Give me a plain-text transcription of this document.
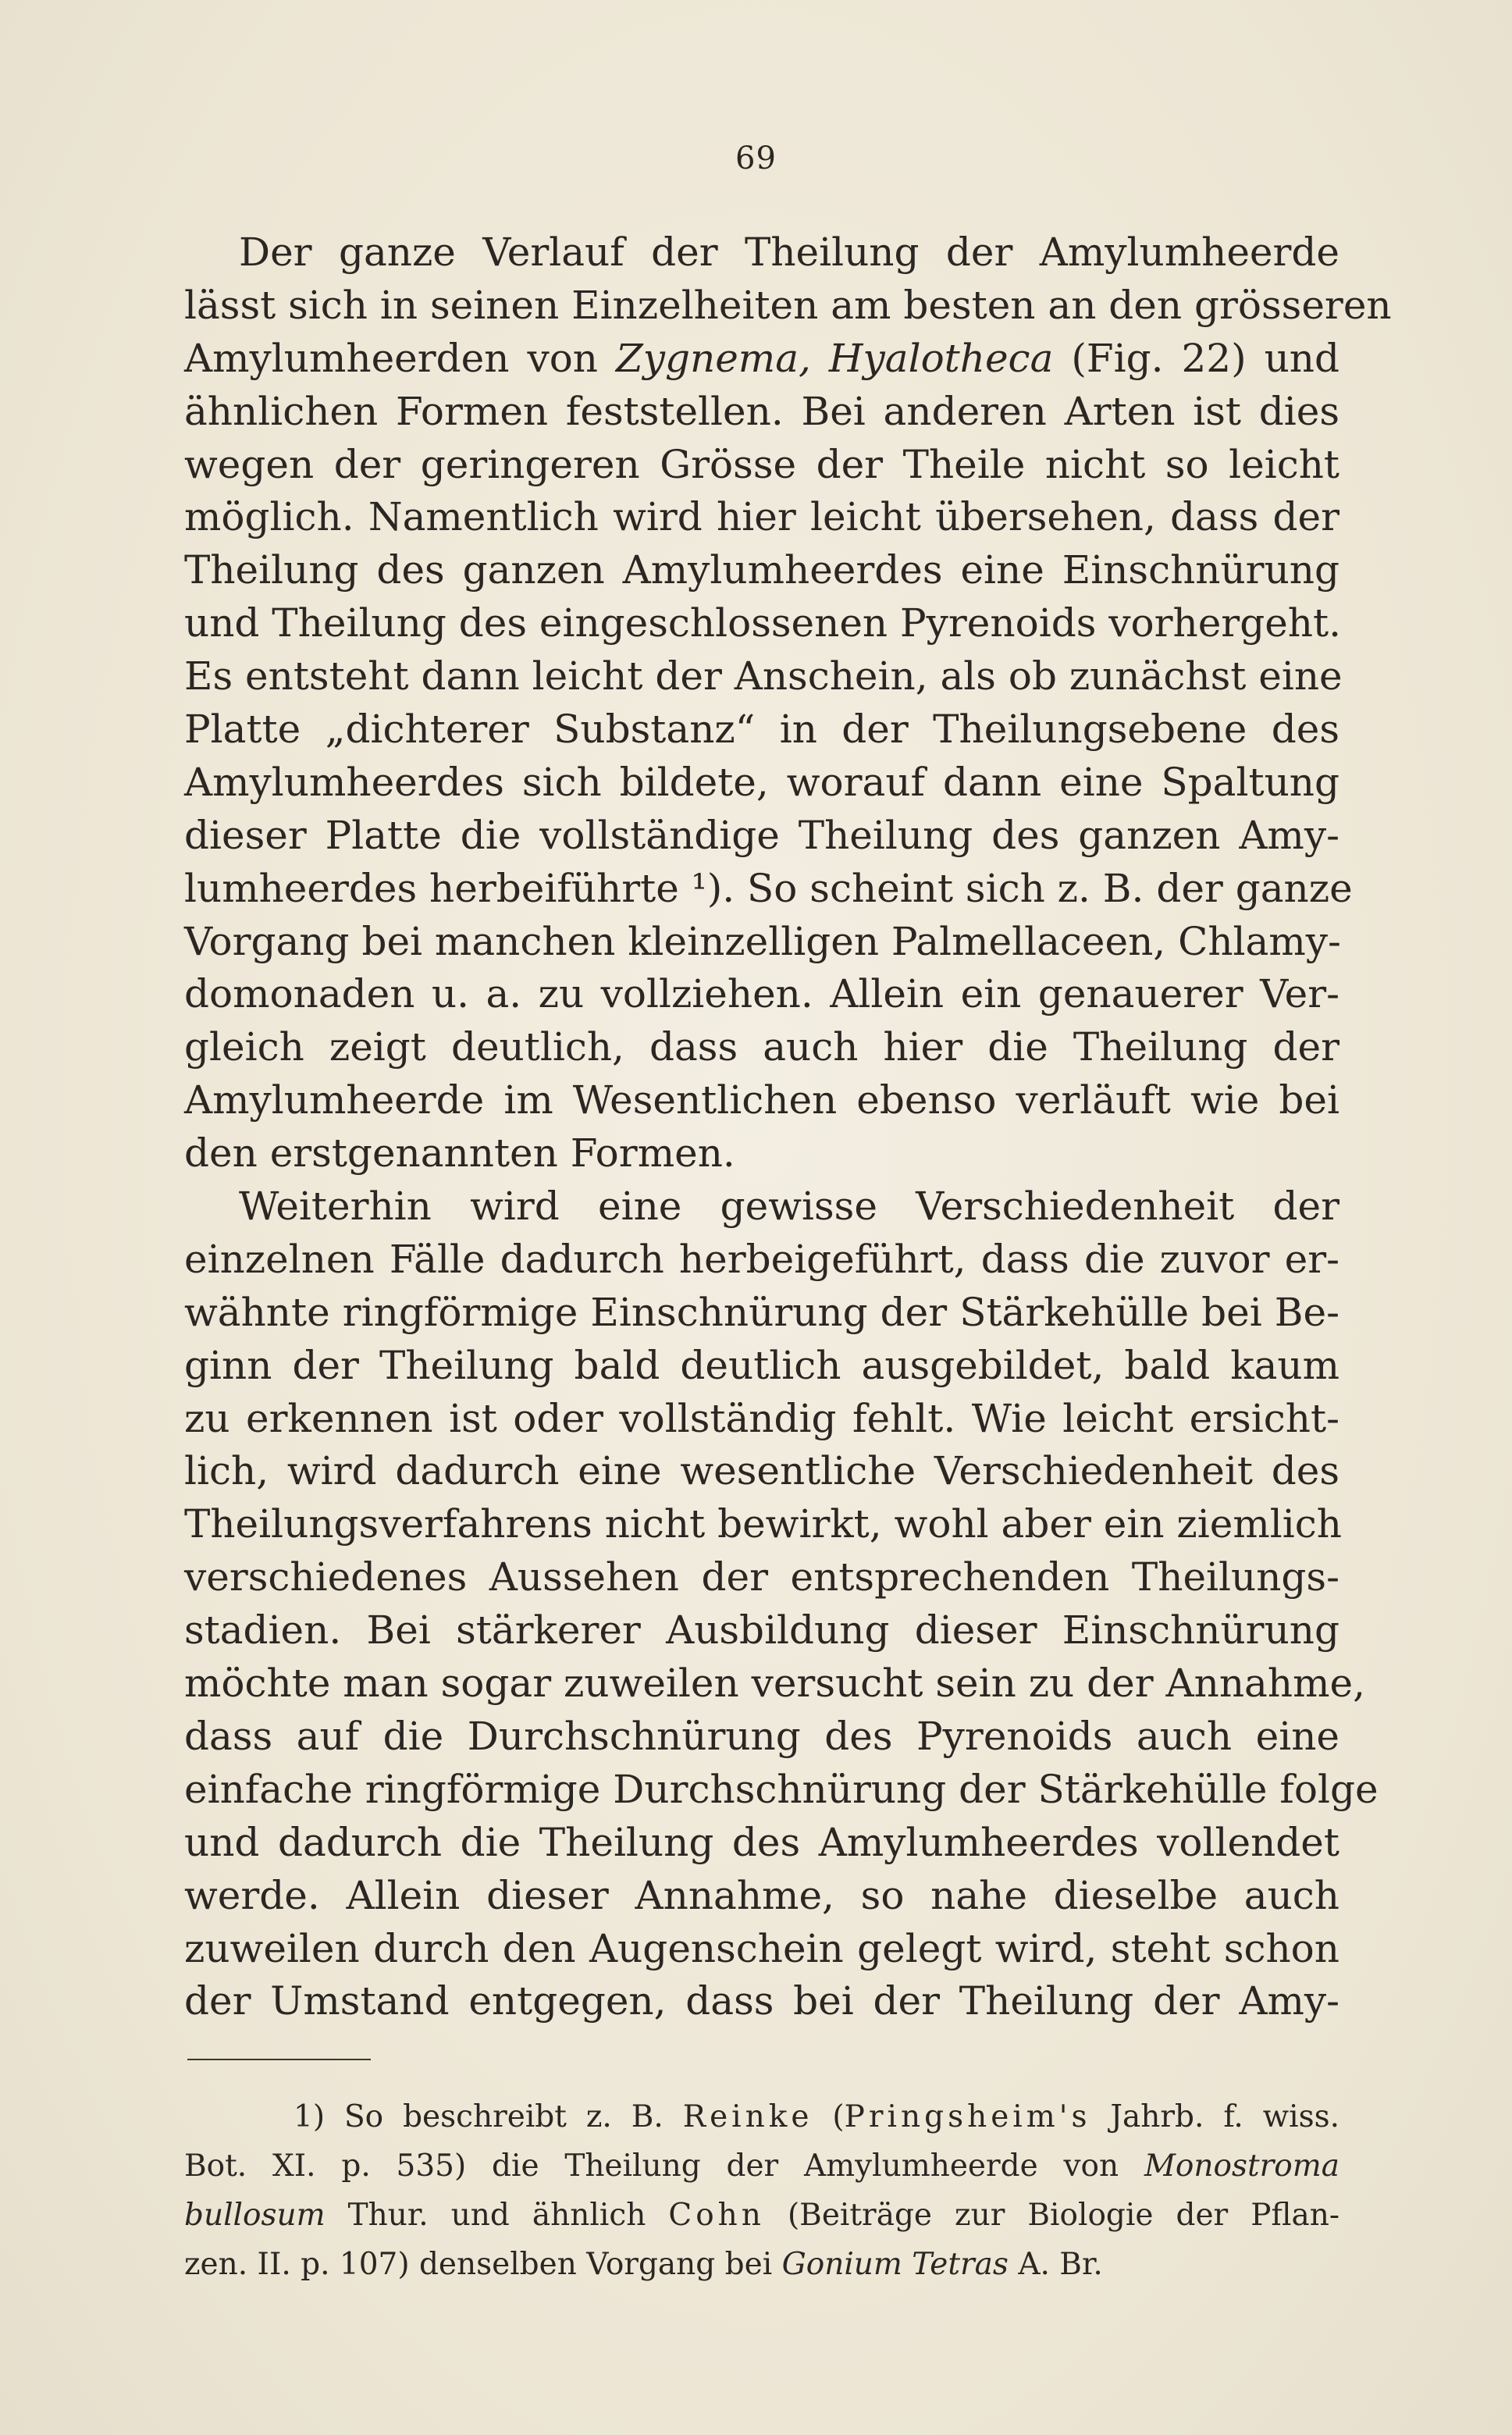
69
Der ganze Verlauf der Theilung der Amylumheerde
lässt sich in seinen Einzelheiten am besten an den grösseren
Amylumheerden von Zygnema, Hyalotheca (Fig. 22) und
ähnlichen Formen feststellen. Bei anderen Arten ist dies
wegen der geringeren Grösse der Theile nicht so leicht
möglich. Namentlich wird hier leicht übersehen, dass der
Theilung des ganzen Amylumheerdes eine Einschnürung
und Theilung des eingeschlossenen Pyrenoids vorhergeht.
Es entsteht dann leicht der Anschein, als ob zunächst eine
Platte „dichterer Substanz“ in der Theilungsebene des
Amylumheerdes sich bildete, worauf dann eine Spaltung
dieser Platte die vollständige Theilung des ganzen Amy-
lumheerdes herbeiführte ¹). So scheint sich z. B. der ganze
Vorgang bei manchen kleinzelligen Palmellaceen, Chlamy-
domonaden u. a. zu vollziehen. Allein ein genauerer Ver-
gleich zeigt deutlich, dass auch hier die Theilung der
Amylumheerde im Wesentlichen ebenso verläuft wie bei
den erstgenannten Formen.
Weiterhin wird eine gewisse Verschiedenheit der
einzelnen Fälle dadurch herbeigeführt, dass die zuvor er-
wähnte ringförmige Einschnürung der Stärkehülle bei Be-
ginn der Theilung bald deutlich ausgebildet, bald kaum
zu erkennen ist oder vollständig fehlt. Wie leicht ersicht-
lich, wird dadurch eine wesentliche Verschiedenheit des
Theilungsverfahrens nicht bewirkt, wohl aber ein ziemlich
verschiedenes Aussehen der entsprechenden Theilungs-
stadien. Bei stärkerer Ausbildung dieser Einschnürung
möchte man sogar zuweilen versucht sein zu der Annahme,
dass auf die Durchschnürung des Pyrenoids auch eine
einfache ringförmige Durchschnürung der Stärkehülle folge
und dadurch die Theilung des Amylumheerdes vollendet
werde. Allein dieser Annahme, so nahe dieselbe auch
zuweilen durch den Augenschein gelegt wird, steht schon
der Umstand entgegen, dass bei der Theilung der Amy-
1) So beschreibt z. B. Reinke (Pringsheim's Jahrb. f. wiss.
Bot. XI. p. 535) die Theilung der Amylumheerde von Monostroma
bullosum Thur. und ähnlich Cohn (Beiträge zur Biologie der Pflan-
zen. II. p. 107) denselben Vorgang bei Gonium Tetras A. Br.
